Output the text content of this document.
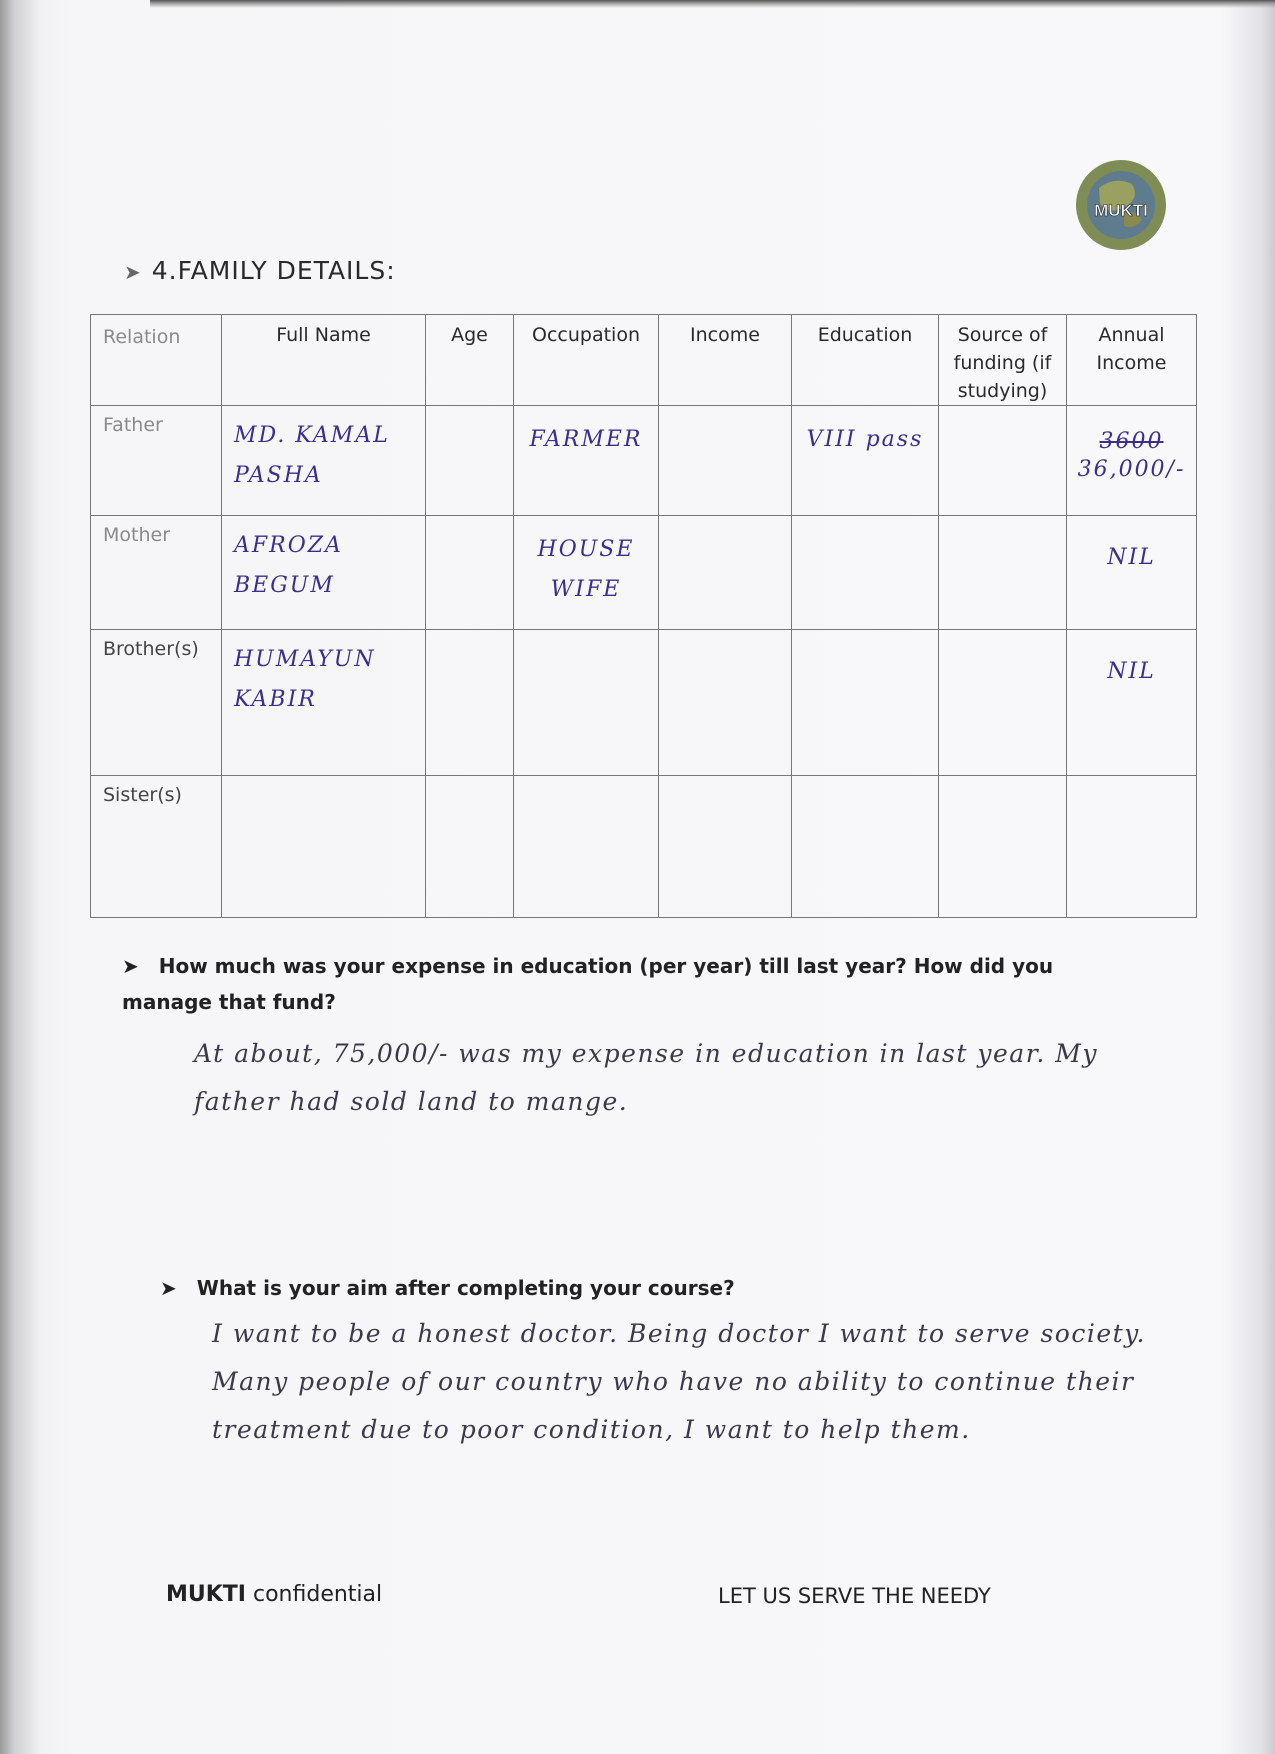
MUKTI
➤ 4.FAMILY DETAILS:
Relation	Full Name	Age	Occupation	Income	Education	Source of funding (if studying)	Annual Income
Father	MD. KAMAL PASHA		FARMER		VIII pass		3600
36,000/-

Mother	AFROZA BEGUM		HOUSE WIFE				NIL
Brother(s)	HUMAYUN KABIR						NIL
Sister(s)							
➤ How much was your expense in education (per year) till last year? How did you manage that fund?
At about, 75,000/- was my expense in education in last year. My father had sold land to mange.
➤ What is your aim after completing your course?
I want to be a honest doctor. Being doctor I want to serve society. Many people of our country who have no ability to continue their treatment due to poor condition, I want to help them.
MUKTI confidential	LET US SERVE THE NEEDY
